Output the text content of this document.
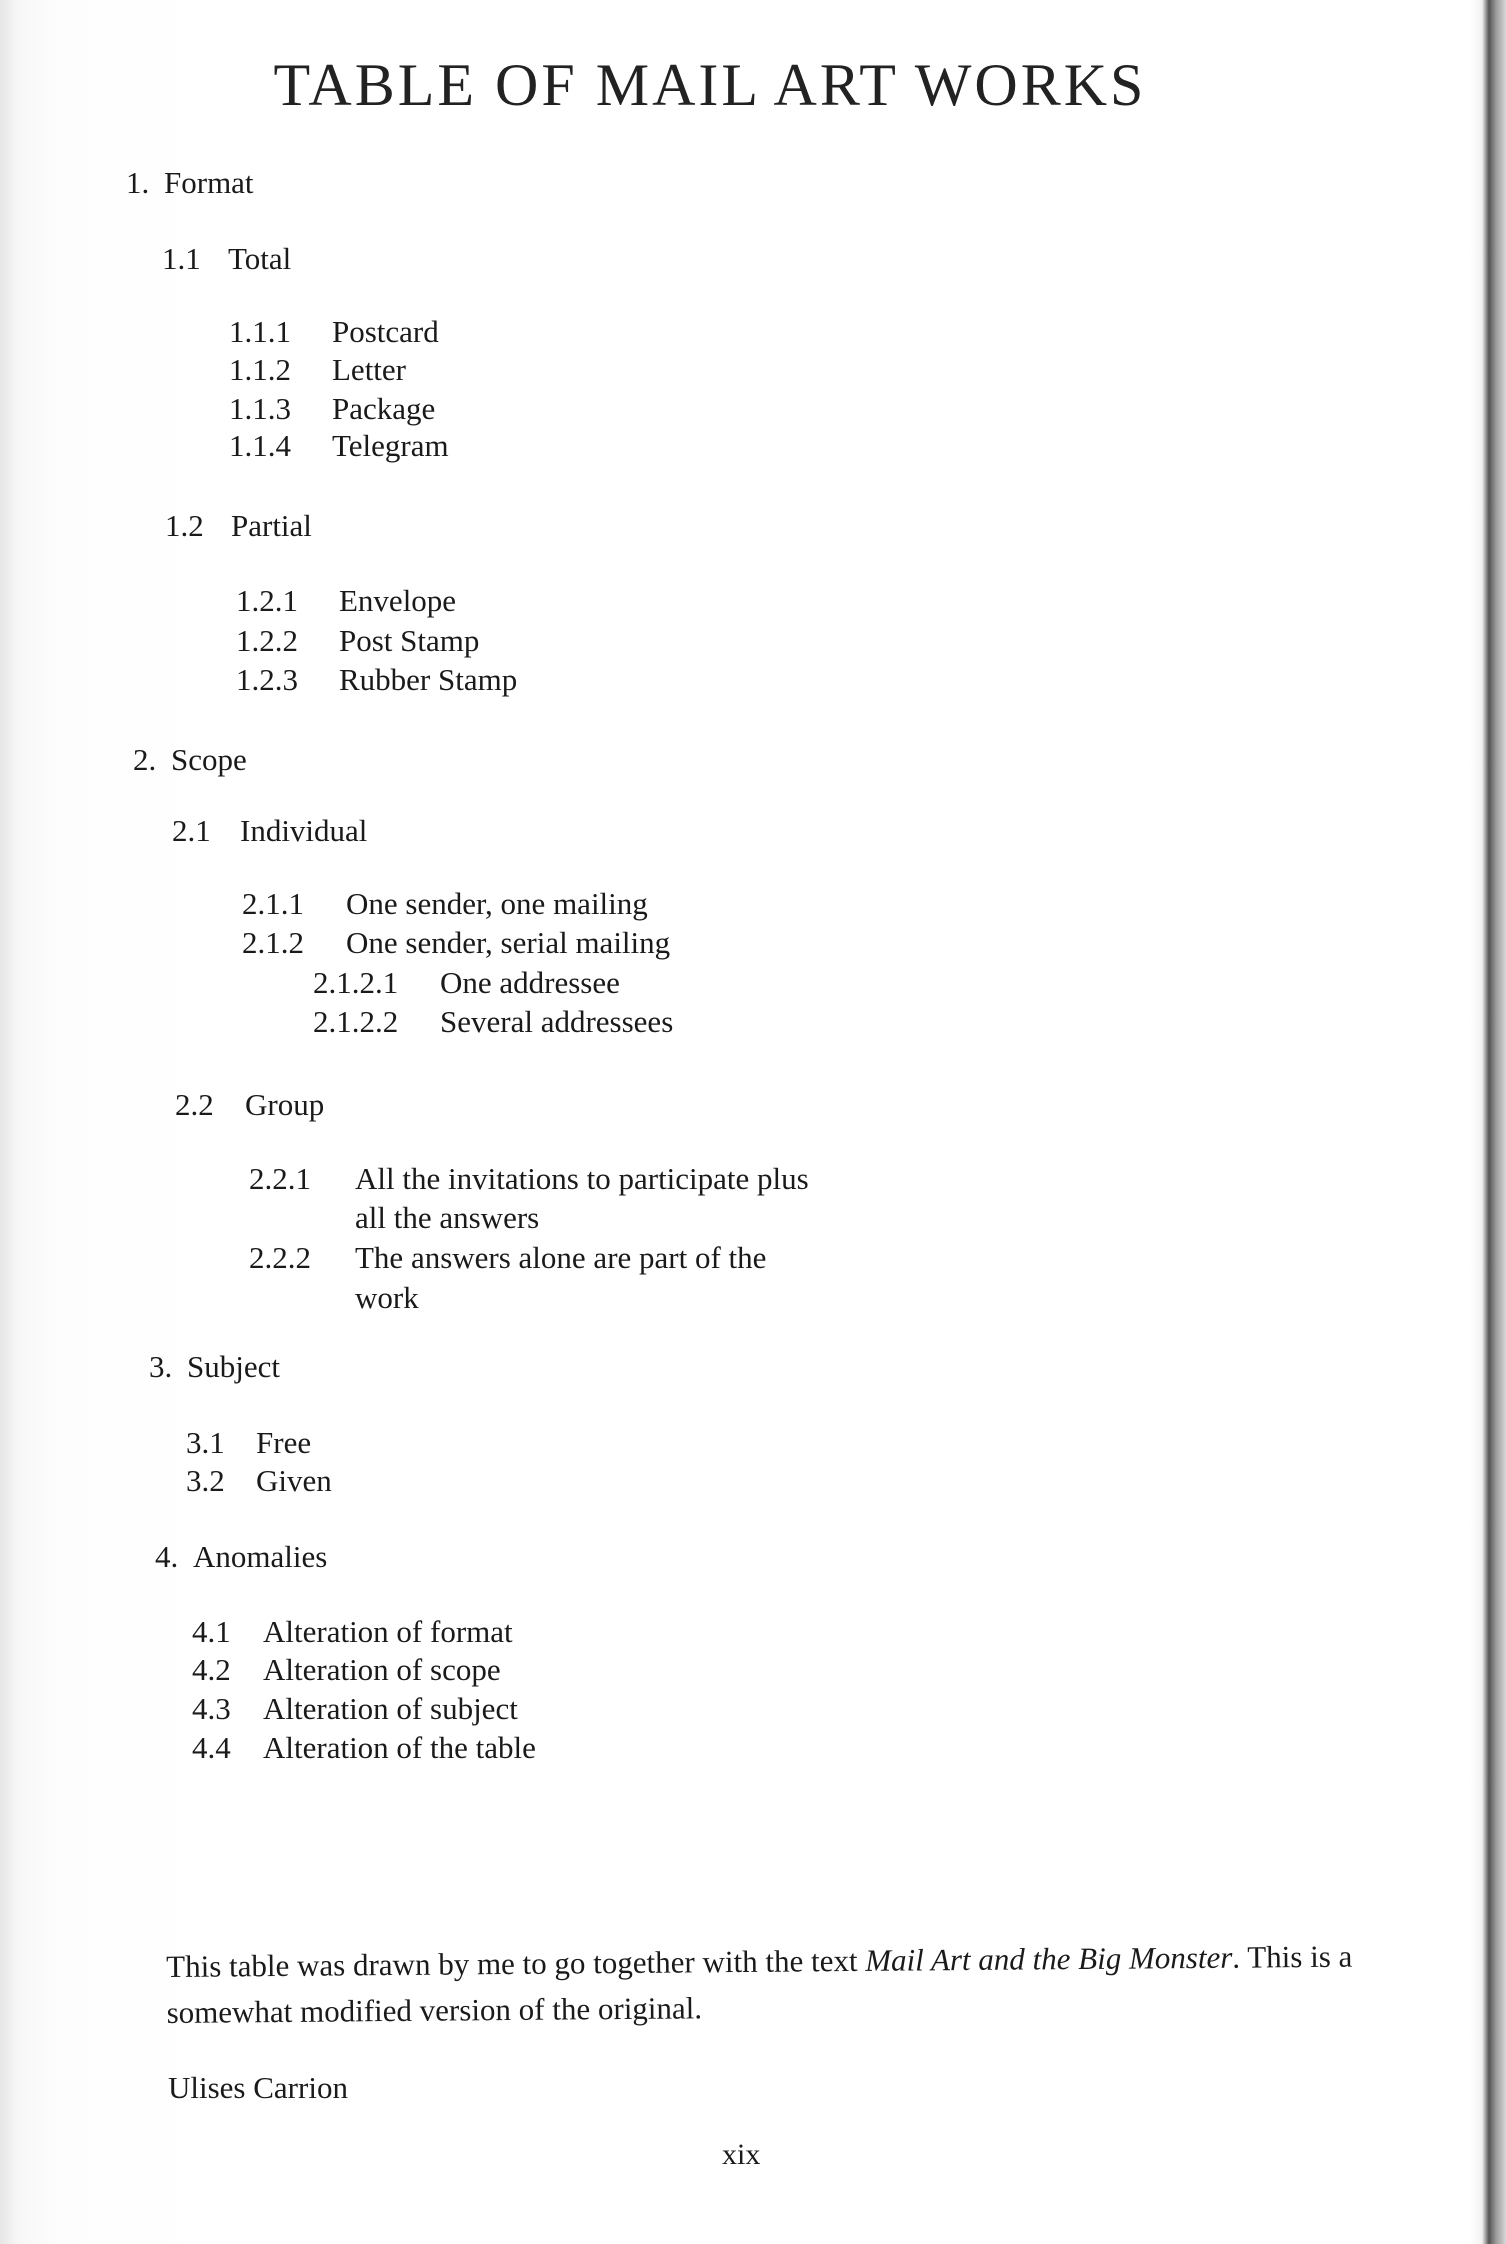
TABLE OF MAIL ART WORKS
1. Format
1.1 Total
1.1.1 Postcard
1.1.2 Letter
1.1.3 Package
1.1.4 Telegram
1.2 Partial
1.2.1 Envelope
1.2.2 Post Stamp
1.2.3 Rubber Stamp
2. Scope
2.1 Individual
2.1.1 One sender, one mailing
2.1.2 One sender, serial mailing
2.1.2.1 One addressee
2.1.2.2 Several addressees
2.2 Group
2.2.1 All the invitations to participate plus
all the answers
2.2.2 The answers alone are part of the
work
3. Subject
3.1 Free
3.2 Given
4. Anomalies
4.1 Alteration of format
4.2 Alteration of scope
4.3 Alteration of subject
4.4 Alteration of the table
This table was drawn by me to go together with the text Mail Art and the Big Monster. This is a somewhat modified version of the original.
Ulises Carrion
xix
